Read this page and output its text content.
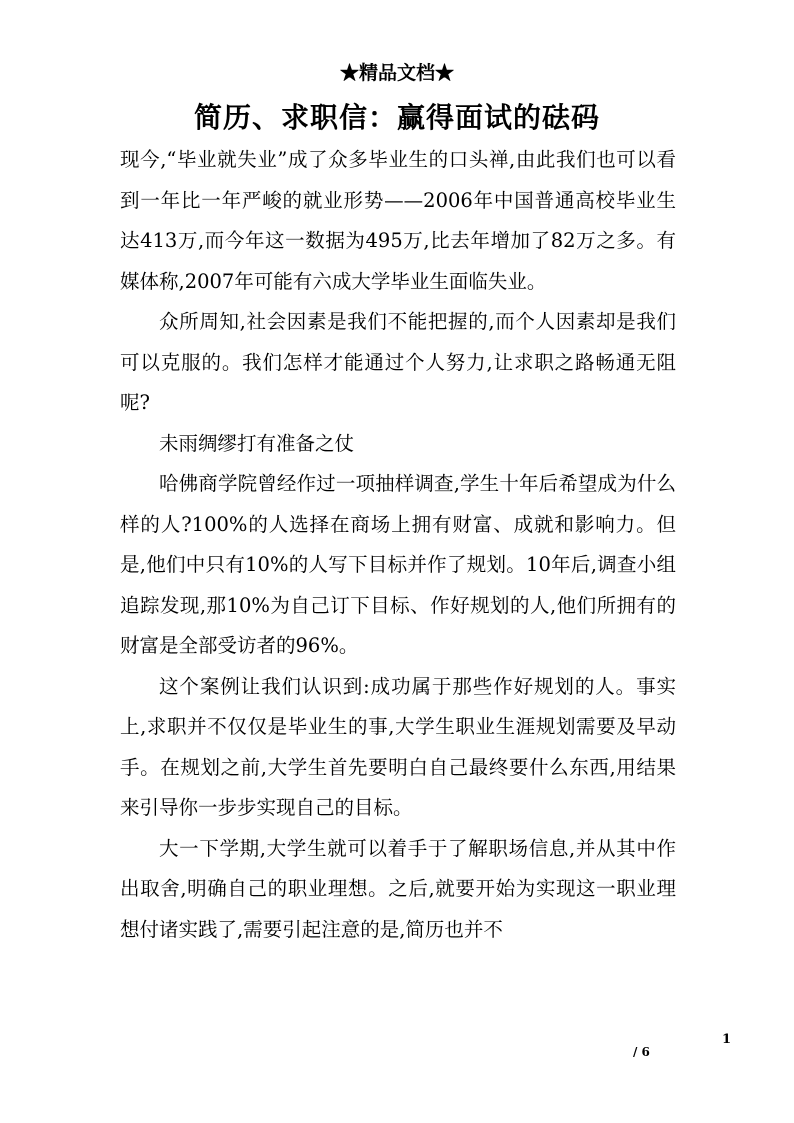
★精品文档★
简历、求职信：赢得面试的砝码

现今,“毕业就失业”成了众多毕业生的口头禅,由此我们也可以看到一年比一年严峻的就业形势——2006年中国普通高校毕业生达413万,而今年这一数据为495万,比去年增加了82万之多。有媒体称,2007年可能有六成大学毕业生面临失业。

众所周知,社会因素是我们不能把握的,而个人因素却是我们可以克服的。我们怎样才能通过个人努力,让求职之路畅通无阻呢?

未雨绸缪打有准备之仗

哈佛商学院曾经作过一项抽样调查,学生十年后希望成为什么样的人?100%的人选择在商场上拥有财富、成就和影响力。但是,他们中只有10%的人写下目标并作了规划。10年后,调查小组追踪发现,那10%为自己订下目标、作好规划的人,他们所拥有的财富是全部受访者的96%。

这个案例让我们认识到:成功属于那些作好规划的人。事实上,求职并不仅仅是毕业生的事,大学生职业生涯规划需要及早动手。在规划之前,大学生首先要明白自己最终要什么东西,用结果来引导你一步步实现自己的目标。

大一下学期,大学生就可以着手于了解职场信息,并从其中作出取舍,明确自己的职业理想。之后,就要开始为实现这一职业理想付诸实践了,需要引起注意的是,简历也并不

1
/ 6
